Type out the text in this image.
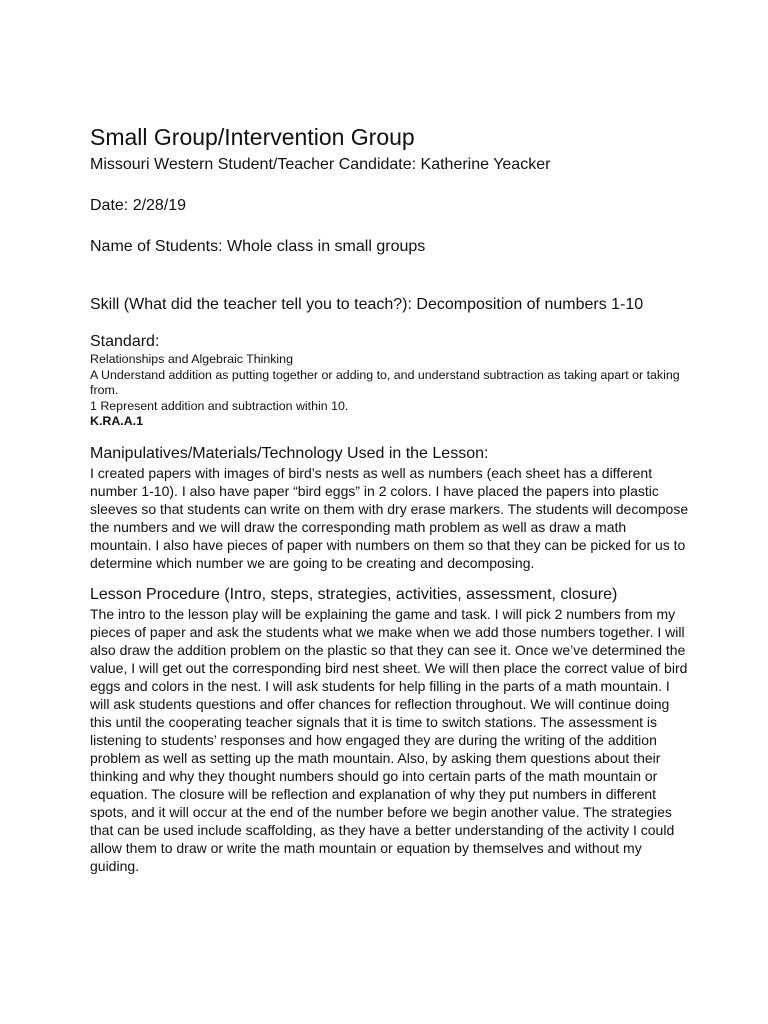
Small Group/Intervention Group

Missouri Western Student/Teacher Candidate: Katherine Yeacker

Date: 2/28/19

Name of Students: Whole class in small groups

Skill (What did the teacher tell you to teach?): Decomposition of numbers 1-10

Standard:

Relationships and Algebraic Thinking

A Understand addition as putting together or adding to, and understand subtraction as taking apart or taking from.

1 Represent addition and subtraction within 10.

K.RA.A.1

Manipulatives/Materials/Technology Used in the Lesson:

I created papers with images of bird’s nests as well as numbers (each sheet has a different number 1-10). I also have paper “bird eggs” in 2 colors. I have placed the papers into plastic sleeves so that students can write on them with dry erase markers. The students will decompose the numbers and we will draw the corresponding math problem as well as draw a math mountain. I also have pieces of paper with numbers on them so that they can be picked for us to determine which number we are going to be creating and decomposing.

Lesson Procedure (Intro, steps, strategies, activities, assessment, closure)

The intro to the lesson play will be explaining the game and task. I will pick 2 numbers from my pieces of paper and ask the students what we make when we add those numbers together. I will also draw the addition problem on the plastic so that they can see it. Once we’ve determined the value, I will get out the corresponding bird nest sheet. We will then place the correct value of bird eggs and colors in the nest. I will ask students for help filling in the parts of a math mountain. I will ask students questions and offer chances for reflection throughout. We will continue doing this until the cooperating teacher signals that it is time to switch stations. The assessment is listening to students’ responses and how engaged they are during the writing of the addition problem as well as setting up the math mountain. Also, by asking them questions about their thinking and why they thought numbers should go into certain parts of the math mountain or equation. The closure will be reflection and explanation of why they put numbers in different spots, and it will occur at the end of the number before we begin another value. The strategies that can be used include scaffolding, as they have a better understanding of the activity I could allow them to draw or write the math mountain or equation by themselves and without my guiding.
